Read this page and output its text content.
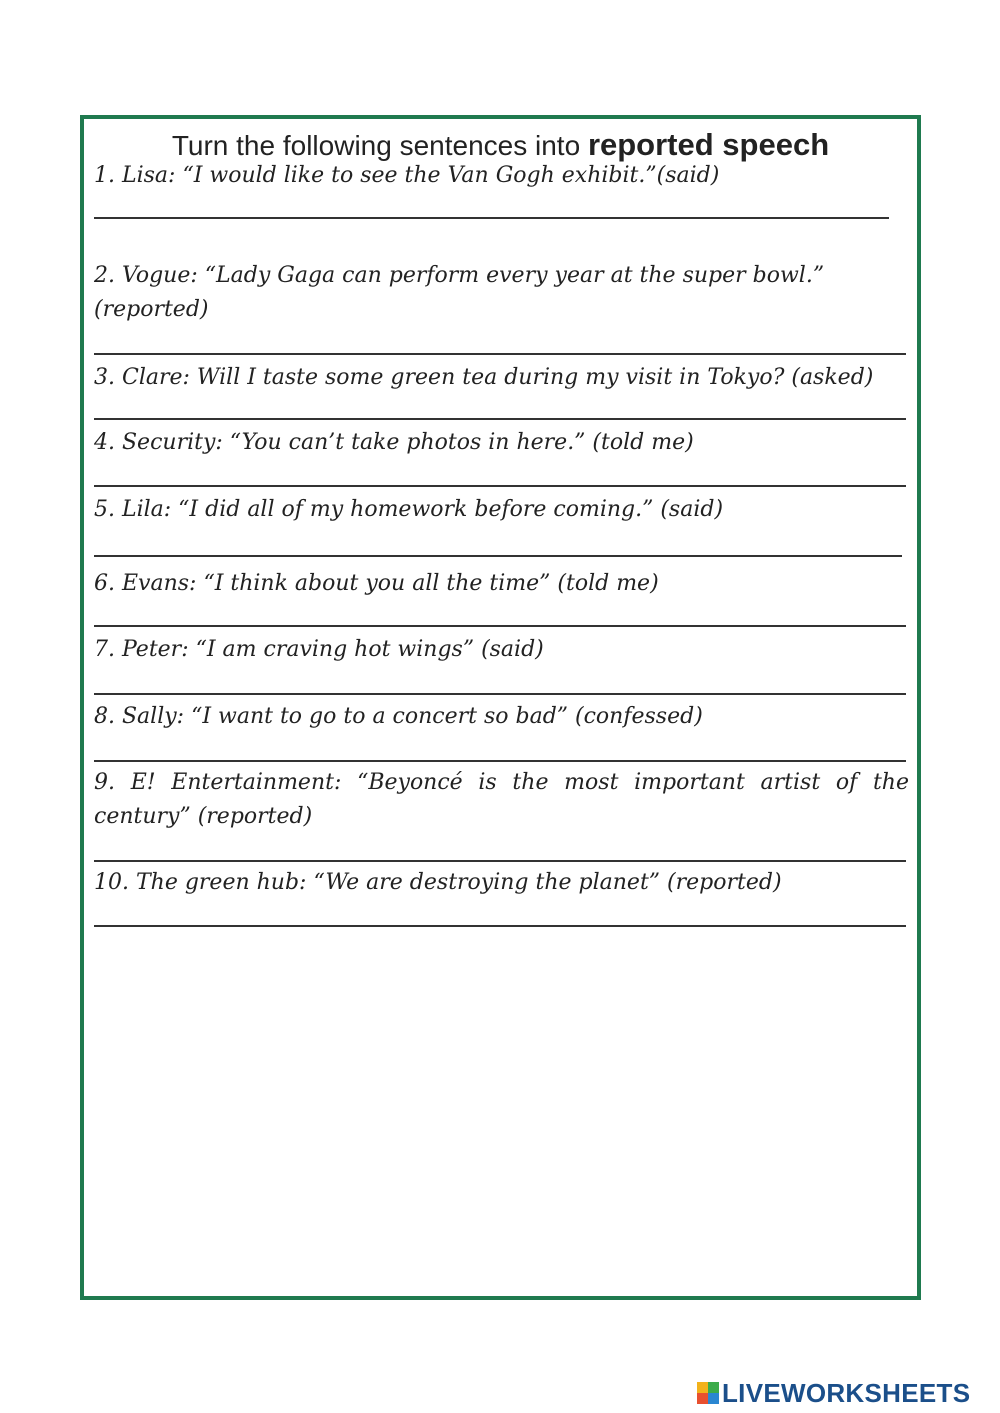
Turn the following sentences into reported speech
1. Lisa: “I would like to see the Van Gogh exhibit.”(said)
2. Vogue: “Lady Gaga can perform every year at the super bowl.” (reported)
3. Clare: Will I taste some green tea during my visit in Tokyo? (asked)
4. Security: “You can’t take photos in here.” (told me)
5. Lila: “I did all of my homework before coming.” (said)
6. Evans: “I think about you all the time” (told me)
7. Peter: “I am craving hot wings” (said)
8. Sally: “I want to go to a concert so bad” (confessed)
9. E! Entertainment: “Beyoncé is the most important artist of the century” (reported)
10. The green hub: “We are destroying the planet” (reported)
LIVEWORKSHEETS
